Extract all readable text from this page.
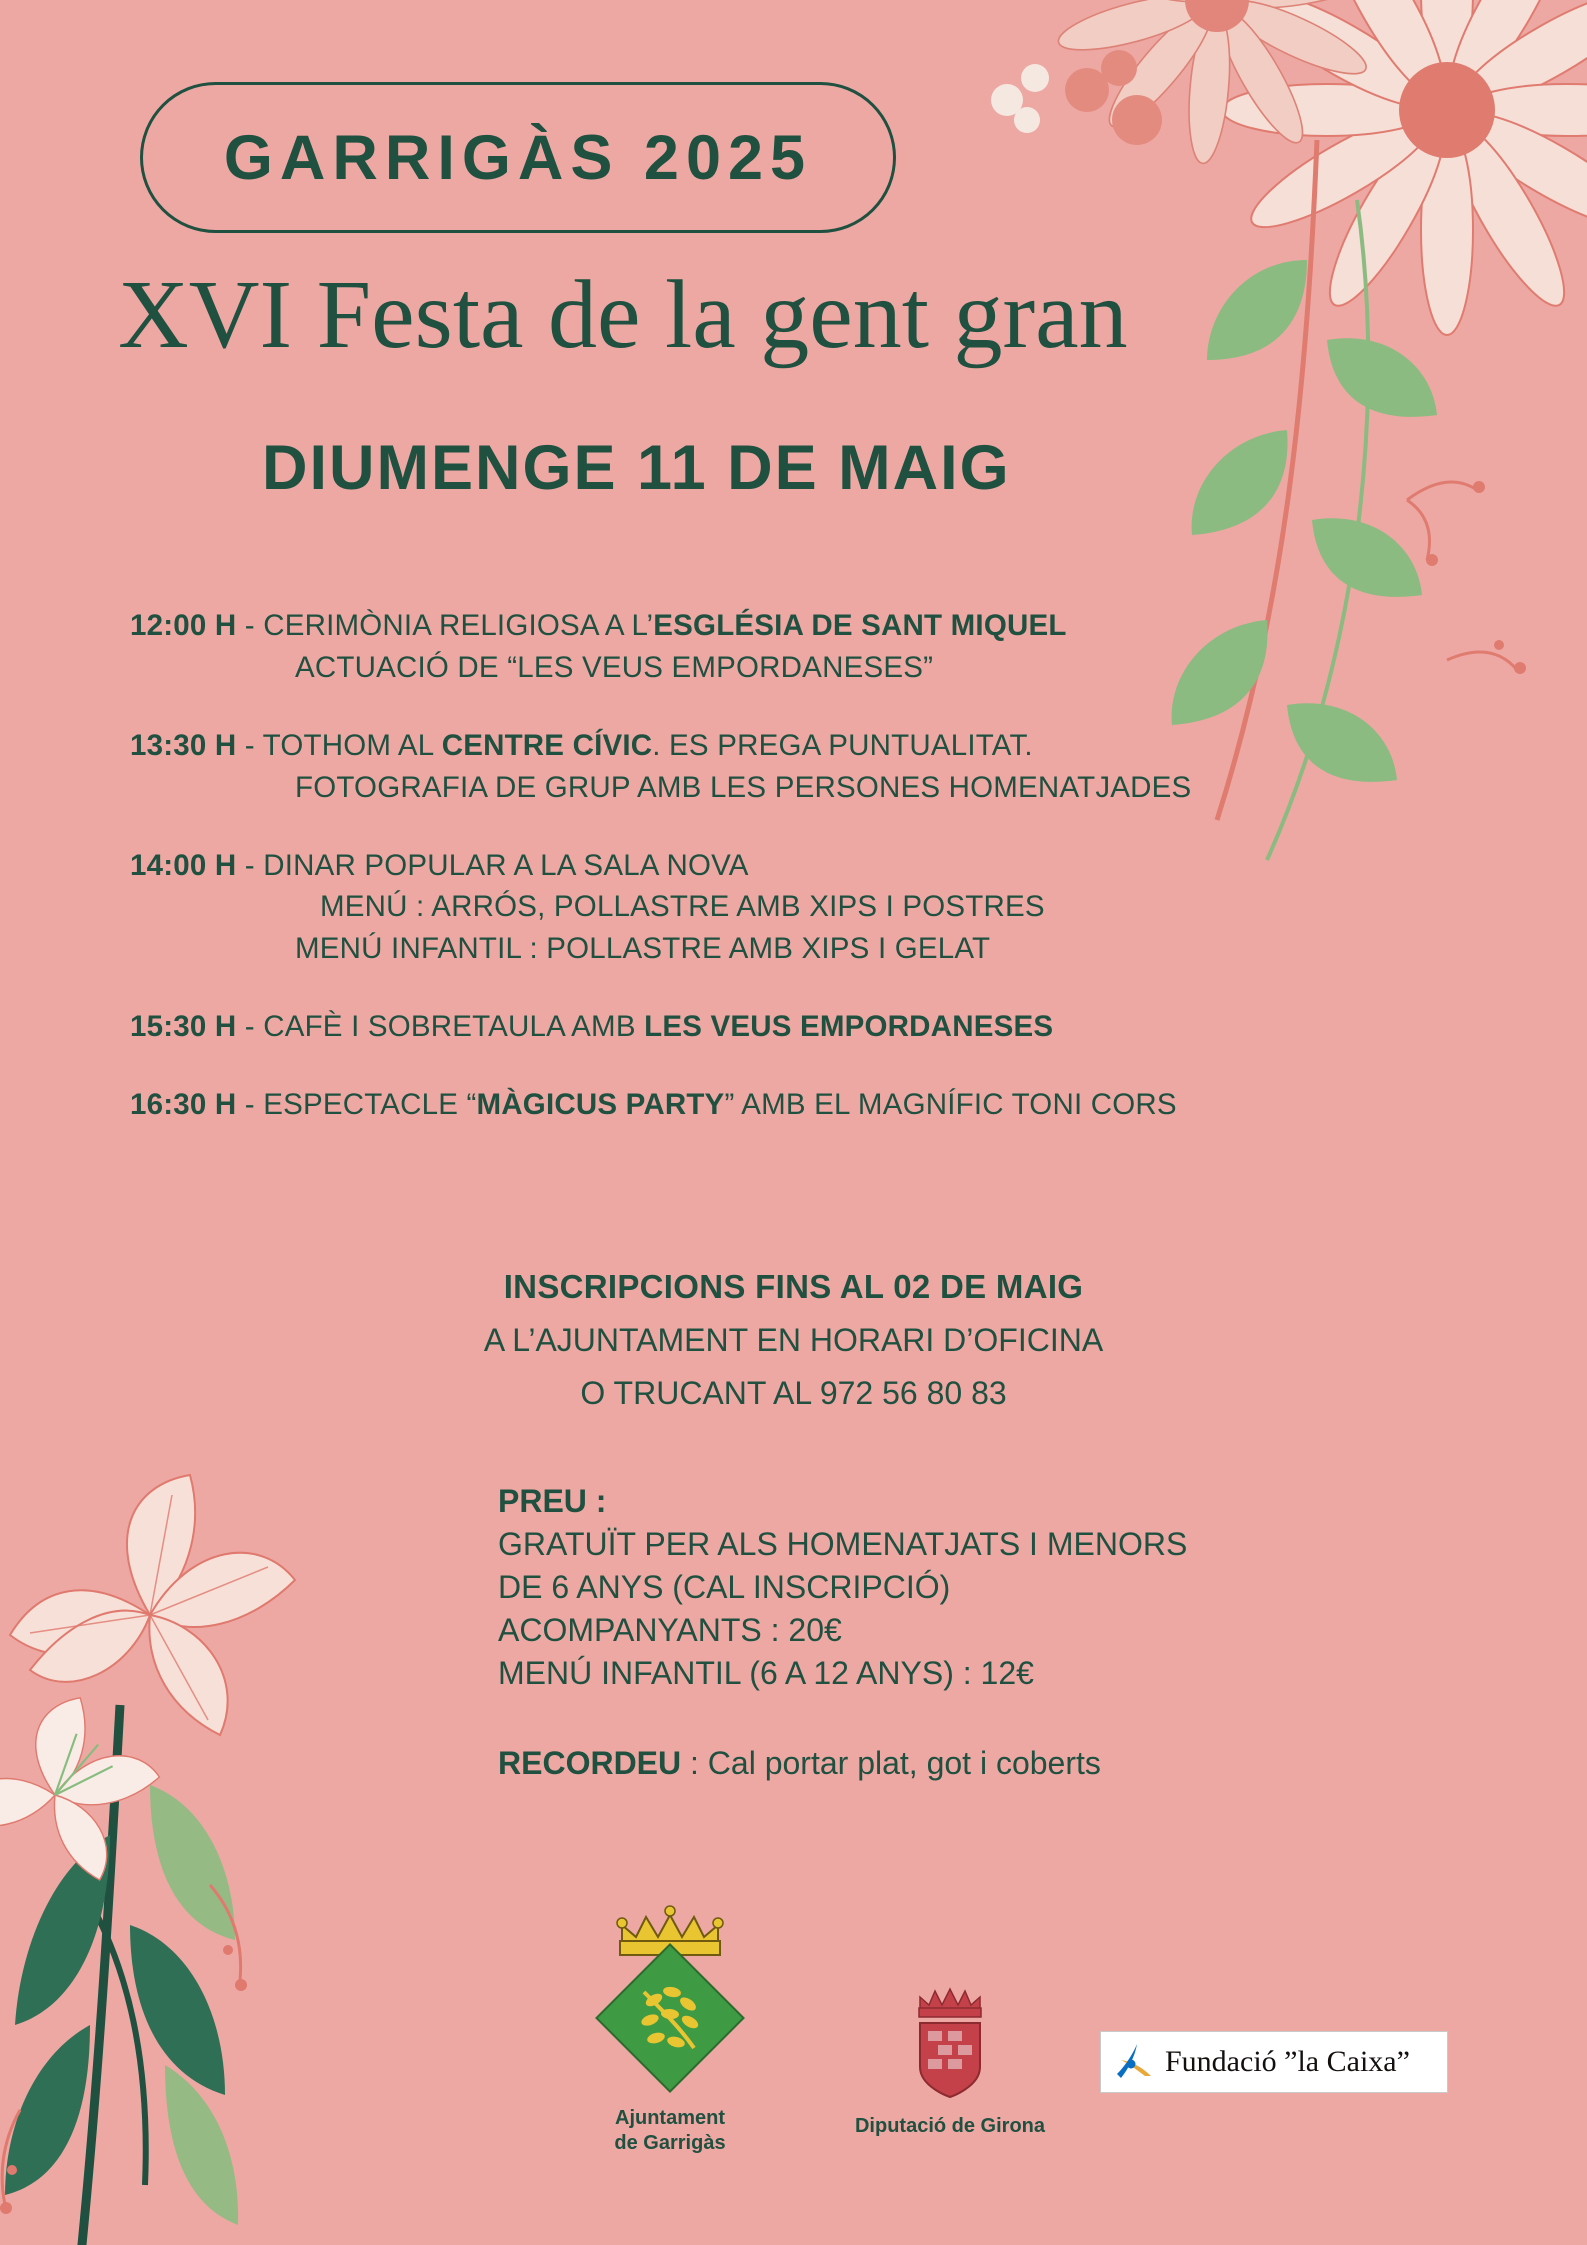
GARRIGÀS 2025
XVI Festa de la gent gran
DIUMENGE 11 DE MAIG
12:00 H - CERIMÒNIA RELIGIOSA A L’ESGLÉSIA DE SANT MIQUEL
ACTUACIÓ DE “LES VEUS EMPORDANESES”
13:30 H - TOTHOM AL CENTRE CÍVIC. ES PREGA PUNTUALITAT.
FOTOGRAFIA DE GRUP AMB LES PERSONES HOMENATJADES
14:00 H - DINAR POPULAR A LA SALA NOVA
MENÚ : ARRÓS, POLLASTRE AMB XIPS I POSTRES
MENÚ INFANTIL : POLLASTRE AMB XIPS I GELAT
15:30 H - CAFÈ I SOBRETAULA AMB LES VEUS EMPORDANESES
16:30 H - ESPECTACLE “MÀGICUS PARTY” AMB EL MAGNÍFIC TONI CORS
INSCRIPCIONS FINS AL 02 DE MAIG
A L’AJUNTAMENT EN HORARI D’OFICINA
O TRUCANT AL 972 56 80 83
PREU :
GRATUÏT PER ALS HOMENATJATS I MENORS
DE 6 ANYS (CAL INSCRIPCIÓ)
ACOMPANYANTS : 20€
MENÚ INFANTIL (6 A 12 ANYS) : 12€
RECORDEU : Cal portar plat, got i coberts
Ajuntament
de Garrigàs
Diputació de Girona
Fundació ”la Caixa”
